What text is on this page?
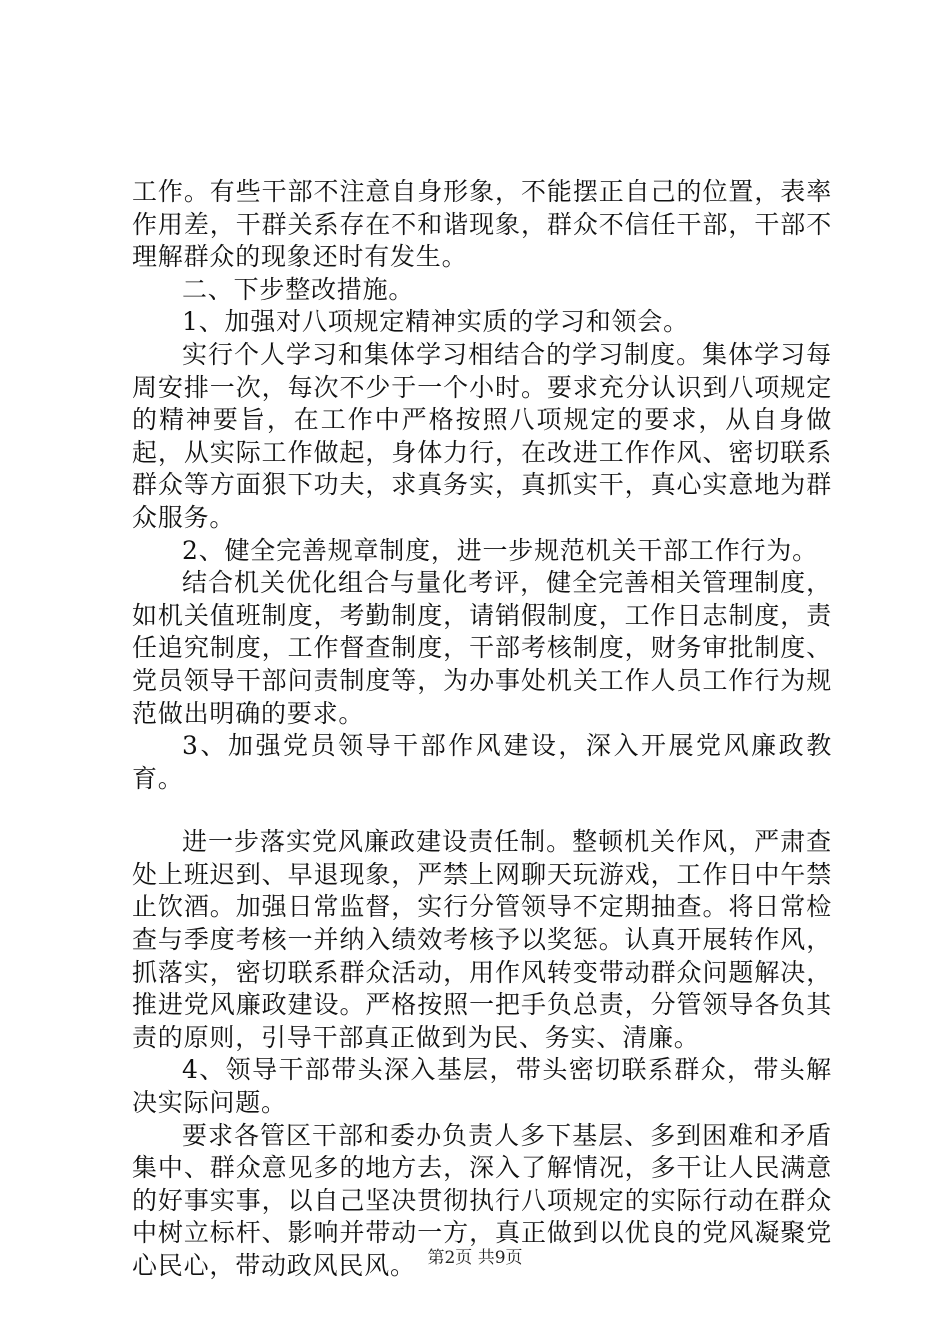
工作。有些干部不注意自身形象，不能摆正自己的位置，表率作用差，干群关系存在不和谐现象，群众不信任干部，干部不理解群众的现象还时有发生。

二、下步整改措施。

1、加强对八项规定精神实质的学习和领会。

实行个人学习和集体学习相结合的学习制度。集体学习每周安排一次，每次不少于一个小时。要求充分认识到八项规定的精神要旨，在工作中严格按照八项规定的要求，从自身做起，从实际工作做起，身体力行，在改进工作作风、密切联系群众等方面狠下功夫，求真务实，真抓实干，真心实意地为群众服务。

2、健全完善规章制度，进一步规范机关干部工作行为。

结合机关优化组合与量化考评，健全完善相关管理制度，如机关值班制度，考勤制度，请销假制度，工作日志制度，责任追究制度，工作督查制度，干部考核制度，财务审批制度、党员领导干部问责制度等，为办事处机关工作人员工作行为规范做出明确的要求。

3、加强党员领导干部作风建设，深入开展党风廉政教育。

进一步落实党风廉政建设责任制。整顿机关作风，严肃查处上班迟到、早退现象，严禁上网聊天玩游戏，工作日中午禁止饮酒。加强日常监督，实行分管领导不定期抽查。将日常检查与季度考核一并纳入绩效考核予以奖惩。认真开展转作风，抓落实，密切联系群众活动，用作风转变带动群众问题解决，推进党风廉政建设。严格按照一把手负总责，分管领导各负其责的原则，引导干部真正做到为民、务实、清廉。

4、领导干部带头深入基层，带头密切联系群众，带头解决实际问题。

要求各管区干部和委办负责人多下基层、多到困难和矛盾集中、群众意见多的地方去，深入了解情况，多干让人民满意的好事实事，以自己坚决贯彻执行八项规定的实际行动在群众中树立标杆、影响并带动一方，真正做到以优良的党风凝聚党心民心，带动政风民风。 第2页 共9页
